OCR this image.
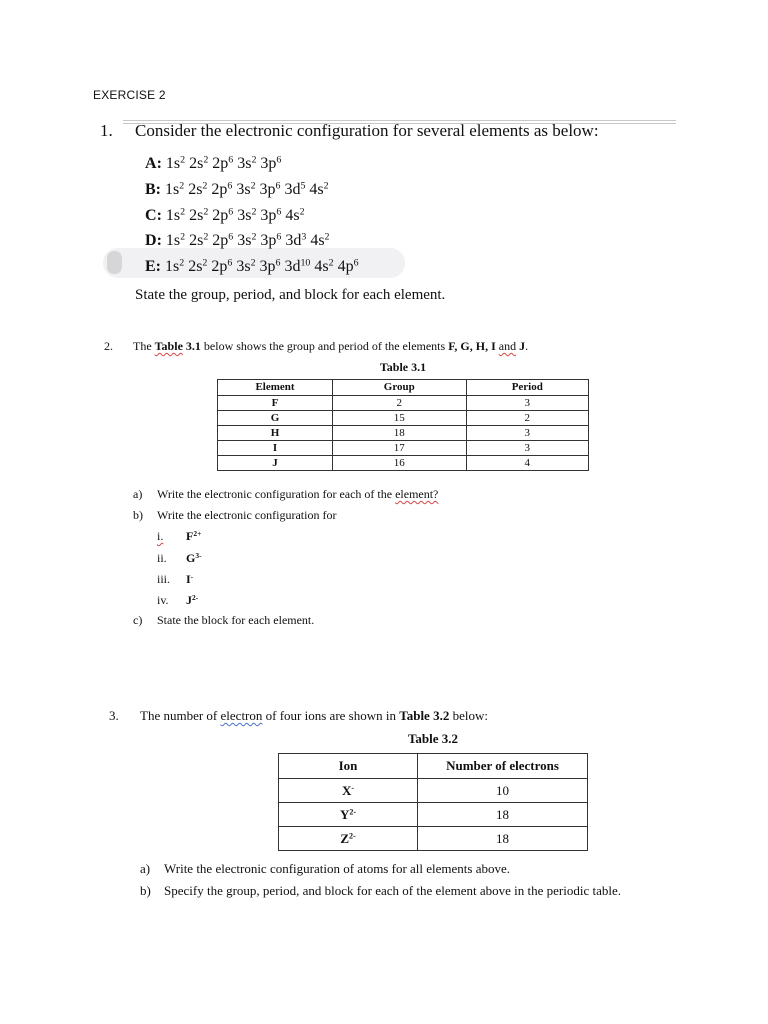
EXERCISE 2
1. Consider the electronic configuration for several elements as below:
A: $1s^2$ $2s^2$ $2p^6$ $3s^2$ $3p^6$
B: $1s^2$ $2s^2$ $2p^6$ $3s^2$ $3p^6$ $3d^5$ $4s^2$
C: $1s^2$ $2s^2$ $2p^6$ $3s^2$ $3p^6$ $4s^2$
D: $1s^2$ $2s^2$ $2p^6$ $3s^2$ $3p^6$ $3d^3$ $4s^2$
E: $1s^2$ $2s^2$ $2p^6$ $3s^2$ $3p^6$ $3d^{10}$ $4s^2$ $4p^6$
State the group, period, and block for each element.
2. The Table 3.1 below shows the group and period of the elements F, G, H, I and J.
Table 3.1
Element	Group	Period
F	2	3
G	15	2
H	18	3
I	17	3
J	16	4
a) Write the electronic configuration for each of the element?
b) Write the electronic configuration for
i. $F^{2+}$
ii. $G^{3-}$
iii. I-
iv. $J^{2-}$
c) State the block for each element.
3. The number of electron of four ions are shown in Table 3.2 below:
Table 3.2
Ion	Number of electrons
X-	10
$Y^{2-}$	18
$Z^{2-}$	18
a) Write the electronic configuration of atoms for all elements above.
b) Specify the group, period, and block for each of the element above in the periodic table.
